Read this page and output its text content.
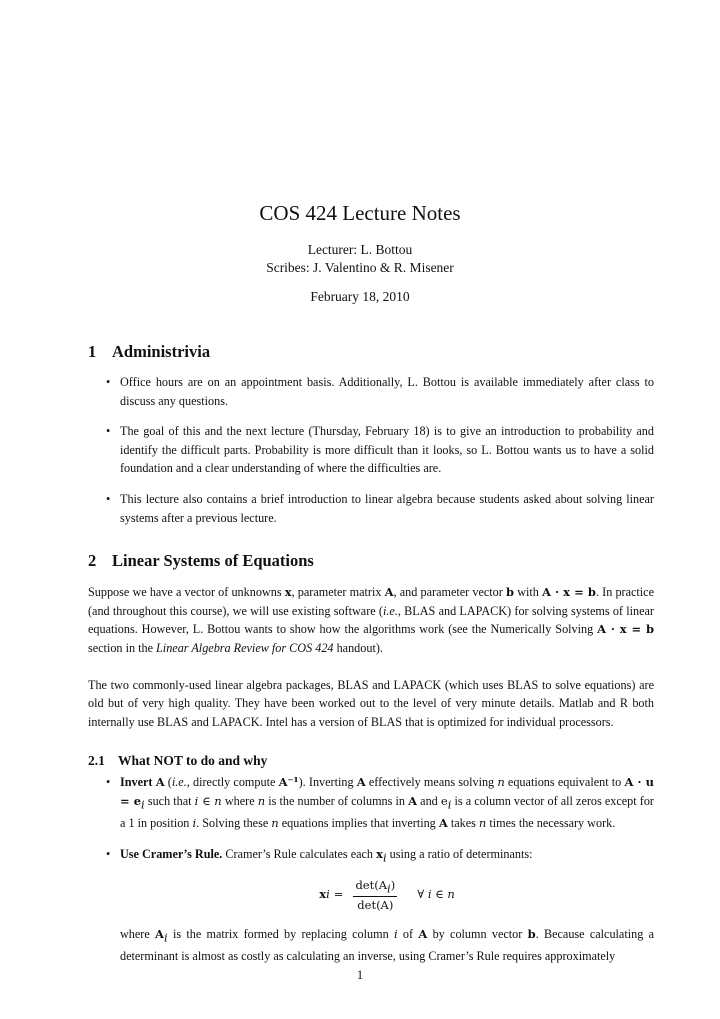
COS 424 Lecture Notes

Lecturer: L. Bottou

Scribes: J. Valentino & R. Misener

February 18, 2010

1 Administrivia
• Office hours are on an appointment basis. Additionally, L. Bottou is available immediately after class to discuss any questions.
• The goal of this and the next lecture (Thursday, February 18) is to give an introduction to probability and identify the difficult parts. Probability is more difficult than it looks, so L. Bottou wants us to have a solid foundation and a clear understanding of where the difficulties are.
• This lecture also contains a brief introduction to linear algebra because students asked about solving linear systems after a previous lecture.
2 Linear Systems of Equations

Suppose we have a vector of unknowns x, parameter matrix A, and parameter vector b with A · x = b. In practice (and throughout this course), we will use existing software (i.e., BLAS and LAPACK) for solving systems of linear equations. However, L. Bottou wants to show how the algorithms work (see the Numerically Solving A · x = b section in the Linear Algebra Review for COS 424 handout).

The two commonly-used linear algebra packages, BLAS and LAPACK (which uses BLAS to solve equations) are old but of very high quality. They have been worked out to the level of very minute details. Matlab and R both internally use BLAS and LAPACK. Intel has a version of BLAS that is optimized for individual processors.

2.1 What NOT to do and why
• Invert A (i.e., directly compute A⁻¹). Inverting A effectively means solving n equations equivalent to $A \cdot u = e_i$ such that i ∈ n where n is the number of columns in A and $e_i$ is a column vector of all zeros except for a 1 in position i. Solving these n equations implies that inverting A takes n times the necessary work.
• Use Cramer’s Rule. Cramer’s Rule calculates each $x_i$ using a ratio of determinants:
x $i = \frac{\det(A_i)}{\det(A)}$ ∀ i ∈ n
where $A_i$ is the matrix formed by replacing column i of A by column vector b. Because calculating a determinant is almost as costly as calculating an inverse, using Cramer’s Rule requires approximately
1
